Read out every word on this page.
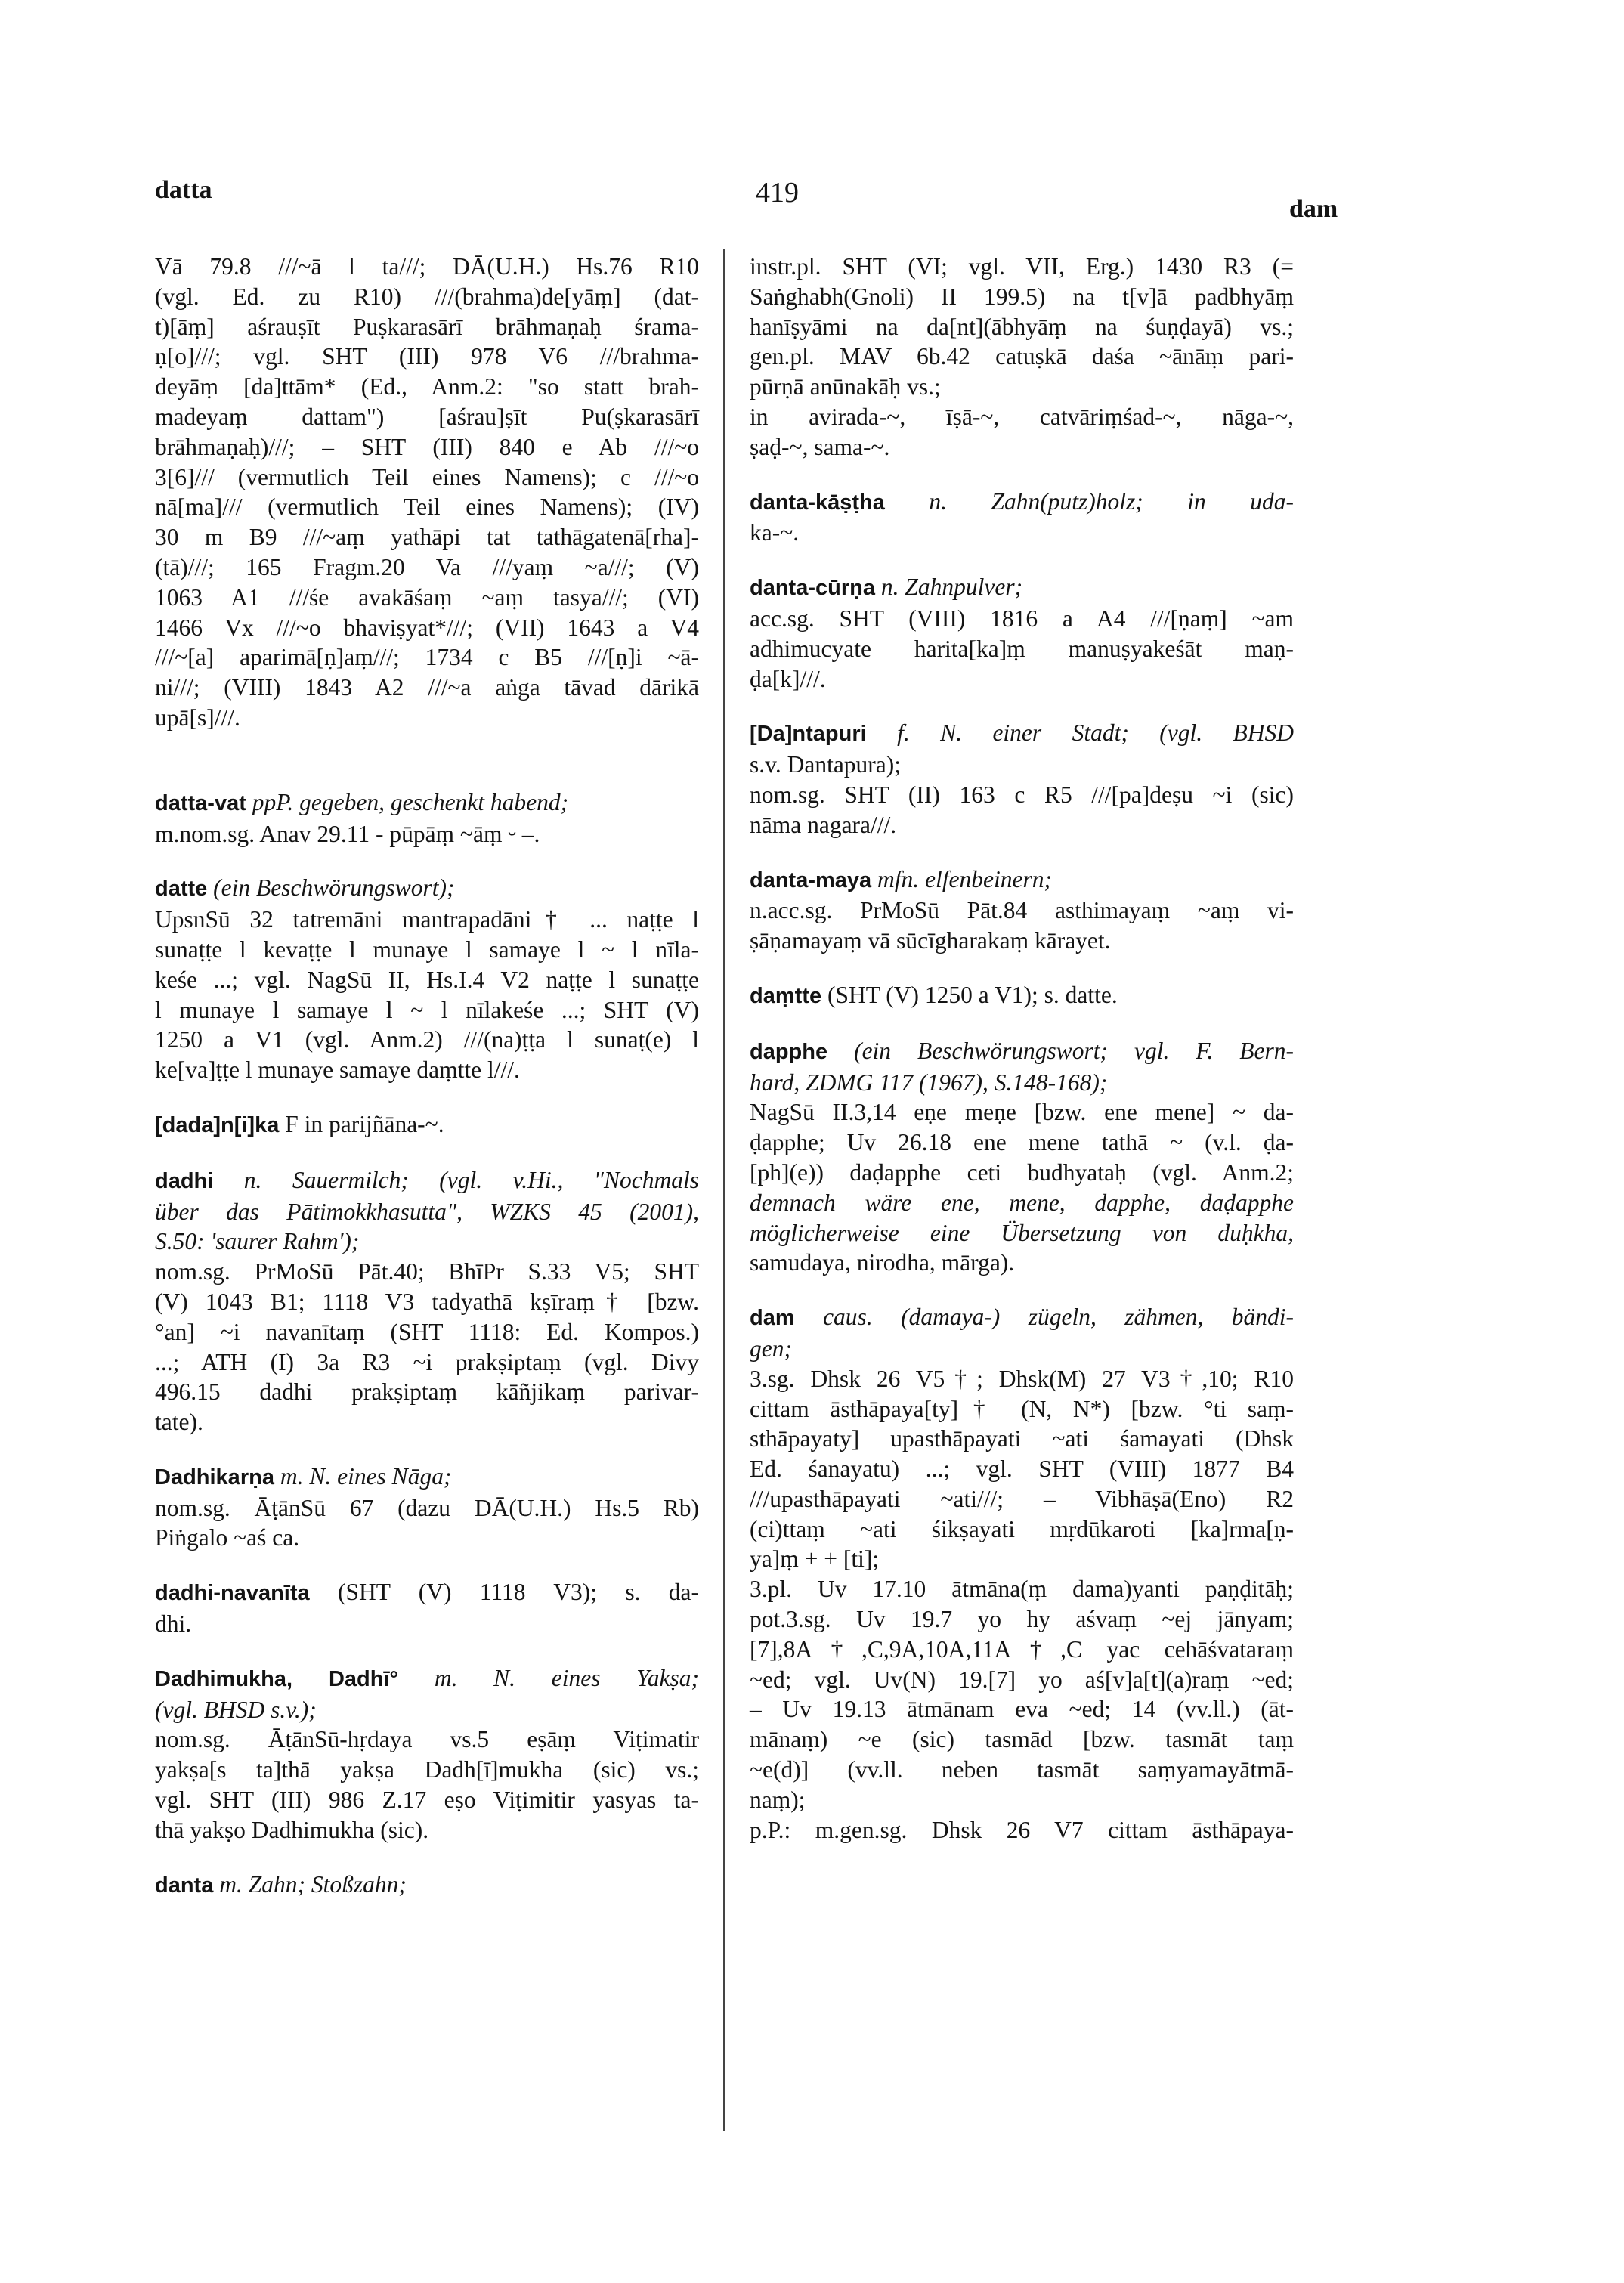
datta	419
dam
Vā 79.8 ///~ā l ta///; DĀ(U.H.) Hs.76 R10
(vgl. Ed. zu R10) ///(brahma)de[yāṃ] (dat-
t)[āṃ] aśrauṣīt Puṣkarasārī brāhmaṇaḥ śrama-
ṇ[o]///; vgl. SHT (III) 978 V6 ///brahma-
deyāṃ [da]ttām* (Ed., Anm.2: "so statt brah-
madeyaṃ dattam") [aśrau]ṣīt Pu(ṣkarasārī
brāhmaṇaḥ)///; – SHT (III) 840 e Ab ///~o
3[6]/// (vermutlich Teil eines Namens); c ///~o
nā[ma]/// (vermutlich Teil eines Namens); (IV)
30 m B9 ///~aṃ yathāpi tat tathāgatenā[rha]-
(tā)///; 165 Fragm.20 Va ///yaṃ ~a///; (V)
1063 A1 ///śe avakāśaṃ ~aṃ tasya///; (VI)
1466 Vx ///~o bhaviṣyat*///; (VII) 1643 a V4
///~[a] aparimā[ṇ]aṃ///; 1734 c B5 ///[ṇ]i ~ā-
ni///; (VIII) 1843 A2 ///~a aṅga tāvad dārikā
upā[s]///.
datta-vat ppP. gegeben, geschenkt habend;
m.nom.sg. Anav 29.11 - pūpāṃ ~āṃ ⏑ –.
datte (ein Beschwörungswort);
UpsnSū 32 tatremāni mantrapadāni† ... naṭṭe l
sunaṭṭe l kevaṭṭe l munaye l samaye l ~ l nīla-
keśe ...; vgl. NagSū II, Hs.I.4 V2 naṭṭe l sunaṭṭe
l munaye l samaye l ~ l nīlakeśe ...; SHT (V)
1250 a V1 (vgl. Anm.2) ///(na)ṭṭa l sunaṭ(e) l
ke[va]ṭṭe l munaye samaye daṃtte l///.
[dada]n[i]ka F in parijñāna-~.
dadhi n. Sauermilch; (vgl. v.Hi., "Nochmals
über das Pātimokkhasutta", WZKS 45 (2001),
S.50: 'saurer Rahm');
nom.sg. PrMoSū Pāt.40; BhīPr S.33 V5; SHT
(V) 1043 B1; 1118 V3 tadyathā kṣīraṃ† [bzw.
°an] ~i navanītaṃ (SHT 1118: Ed. Kompos.)
...; ATH (I) 3a R3 ~i prakṣiptaṃ (vgl. Divy
496.15 dadhi prakṣiptaṃ kāñjikaṃ parivar-
tate).
Dadhikarṇa m. N. eines Nāga;
nom.sg. ĀṭānSū 67 (dazu DĀ(U.H.) Hs.5 Rb)
Piṅgalo ~aś ca.
dadhi-navanīta (SHT (V) 1118 V3); s. da-
dhi.
Dadhimukha, Dadhī° m. N. eines Yakṣa;
(vgl. BHSD s.v.);
nom.sg. ĀṭānSū-hṛdaya vs.5 eṣāṃ Viṭimatir
yakṣa[s ta]thā yakṣa Dadh[ī]mukha (sic) vs.;
vgl. SHT (III) 986 Z.17 eṣo Viṭimitir yasyas ta-
thā yakṣo Dadhimukha (sic).
danta m. Zahn; Stoßzahn;
instr.pl. SHT (VI; vgl. VII, Erg.) 1430 R3 (=
Saṅghabh(Gnoli) II 199.5) na t[v]ā padbhyāṃ
hanīṣyāmi na da[nt](ābhyāṃ na śuṇḍayā) vs.;
gen.pl. MAV 6b.42 catuṣkā daśa ~ānāṃ pari-
pūrṇā anūnakāḥ vs.;
in avirada-~, īṣā-~, catvāriṃśad-~, nāga-~,
ṣaḍ-~, sama-~.
danta-kāṣṭha n. Zahn(putz)holz; in uda-
ka-~.
danta-cūrṇa n. Zahnpulver;
acc.sg. SHT (VIII) 1816 a A4 ///[ṇaṃ] ~am
adhimucyate harita[ka]ṃ manuṣyakeśāt maṇ-
ḍa[k]///.
[Da]ntapuri f. N. einer Stadt; (vgl. BHSD
s.v. Dantapura);
nom.sg. SHT (II) 163 c R5 ///[pa]deṣu ~i (sic)
nāma nagara///.
danta-maya mfn. elfenbeinern;
n.acc.sg. PrMoSū Pāt.84 asthimayaṃ ~aṃ vi-
ṣāṇamayaṃ vā sūcīgharakaṃ kārayet.
daṃtte (SHT (V) 1250 a V1); s. datte.
dapphe (ein Beschwörungswort; vgl. F. Bern-
hard, ZDMG 117 (1967), S.148-168);
NagSū II.3,14 eṇe meṇe [bzw. ene mene] ~ da-
ḍapphe; Uv 26.18 ene mene tathā ~ (v.l. ḍa-
[ph](e)) daḍapphe ceti budhyataḥ (vgl. Anm.2;
demnach wäre ene, mene, dapphe, daḍapphe
möglicherweise eine Übersetzung von duḥkha,
samudaya, nirodha, mārga).
dam caus. (damaya-) zügeln, zähmen, bändi-
gen;
3.sg. Dhsk 26 V5†; Dhsk(M) 27 V3†,10; R10
cittam āsthāpaya[ty]† (N, N*) [bzw. °ti saṃ-
sthāpayaty] upasthāpayati ~ati śamayati (Dhsk
Ed. śanayatu) ...; vgl. SHT (VIII) 1877 B4
///upasthāpayati ~ati///; – Vibhāṣā(Eno) R2
(ci)ttaṃ ~ati śikṣayati mṛdūkaroti [ka]rma[ṇ-
ya]ṃ + + [ti];
3.pl. Uv 17.10 ātmāna(ṃ dama)yanti paṇḍitāḥ;
pot.3.sg. Uv 19.7 yo hy aśvaṃ ~ej jānyam;
[7],8A†,C,9A,10A,11A†,C yac cehāśvataraṃ
~ed; vgl. Uv(N) 19.[7] yo aś[v]a[t](a)raṃ ~ed;
– Uv 19.13 ātmānam eva ~ed; 14 (vv.ll.) (āt-
mānaṃ) ~e (sic) tasmād [bzw. tasmāt taṃ
~e(d)] (vv.ll. neben tasmāt saṃyamayātmā-
naṃ);
p.P.: m.gen.sg. Dhsk 26 V7 cittam āsthāpaya-
